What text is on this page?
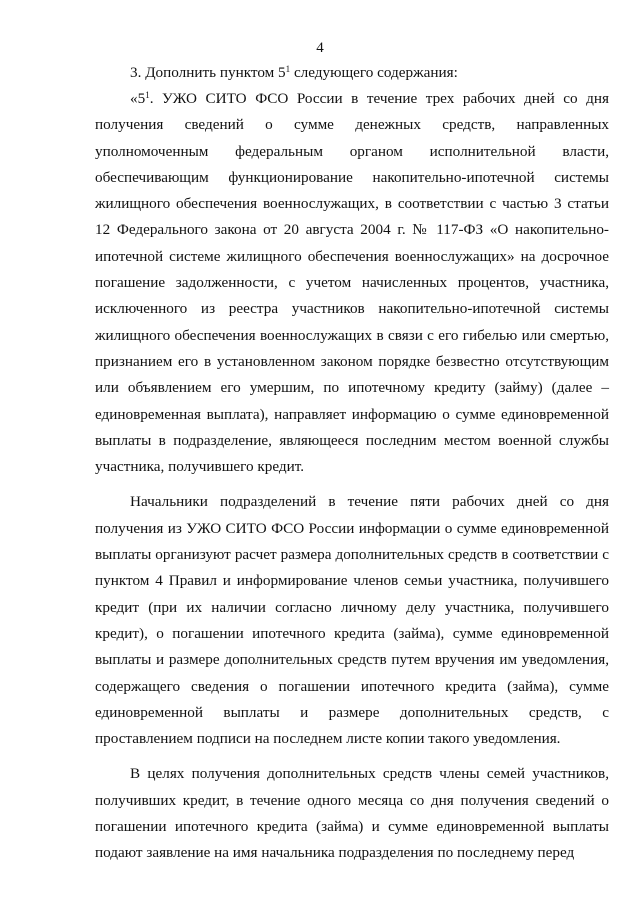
4

3. Дополнить пунктом $5^1$ следующего содержания:

«$5^1$. УЖО СИТО ФСО России в течение трех рабочих дней со дня получения сведений о сумме денежных средств, направленных уполномоченным федеральным органом исполнительной власти, обеспечивающим функционирование накопительно-ипотечной системы жилищного обеспечения военнослужащих, в соответствии с частью 3 статьи 12 Федерального закона от 20 августа 2004 г. № 117-ФЗ «О накопительно-ипотечной системе жилищного обеспечения военнослужащих» на досрочное погашение задолженности, с учетом начисленных процентов, участника, исключенного из реестра участников накопительно-ипотечной системы жилищного обеспечения военнослужащих в связи с его гибелью или смертью, признанием его в установленном законом порядке безвестно отсутствующим или объявлением его умершим, по ипотечному кредиту (займу) (далее – единовременная выплата), направляет информацию о сумме единовременной выплаты в подразделение, являющееся последним местом военной службы участника, получившего кредит.

Начальники подразделений в течение пяти рабочих дней со дня получения из УЖО СИТО ФСО России информации о сумме единовременной выплаты организуют расчет размера дополнительных средств в соответствии с пунктом 4 Правил и информирование членов семьи участника, получившего кредит (при их наличии согласно личному делу участника, получившего кредит), о погашении ипотечного кредита (займа), сумме единовременной выплаты и размере дополнительных средств путем вручения им уведомления, содержащего сведения о погашении ипотечного кредита (займа), сумме единовременной выплаты и размере дополнительных средств, с проставлением подписи на последнем листе копии такого уведомления.

В целях получения дополнительных средств члены семей участников, получивших кредит, в течение одного месяца со дня получения сведений о погашении ипотечного кредита (займа) и сумме единовременной выплаты подают заявление на имя начальника подразделения по последнему перед
